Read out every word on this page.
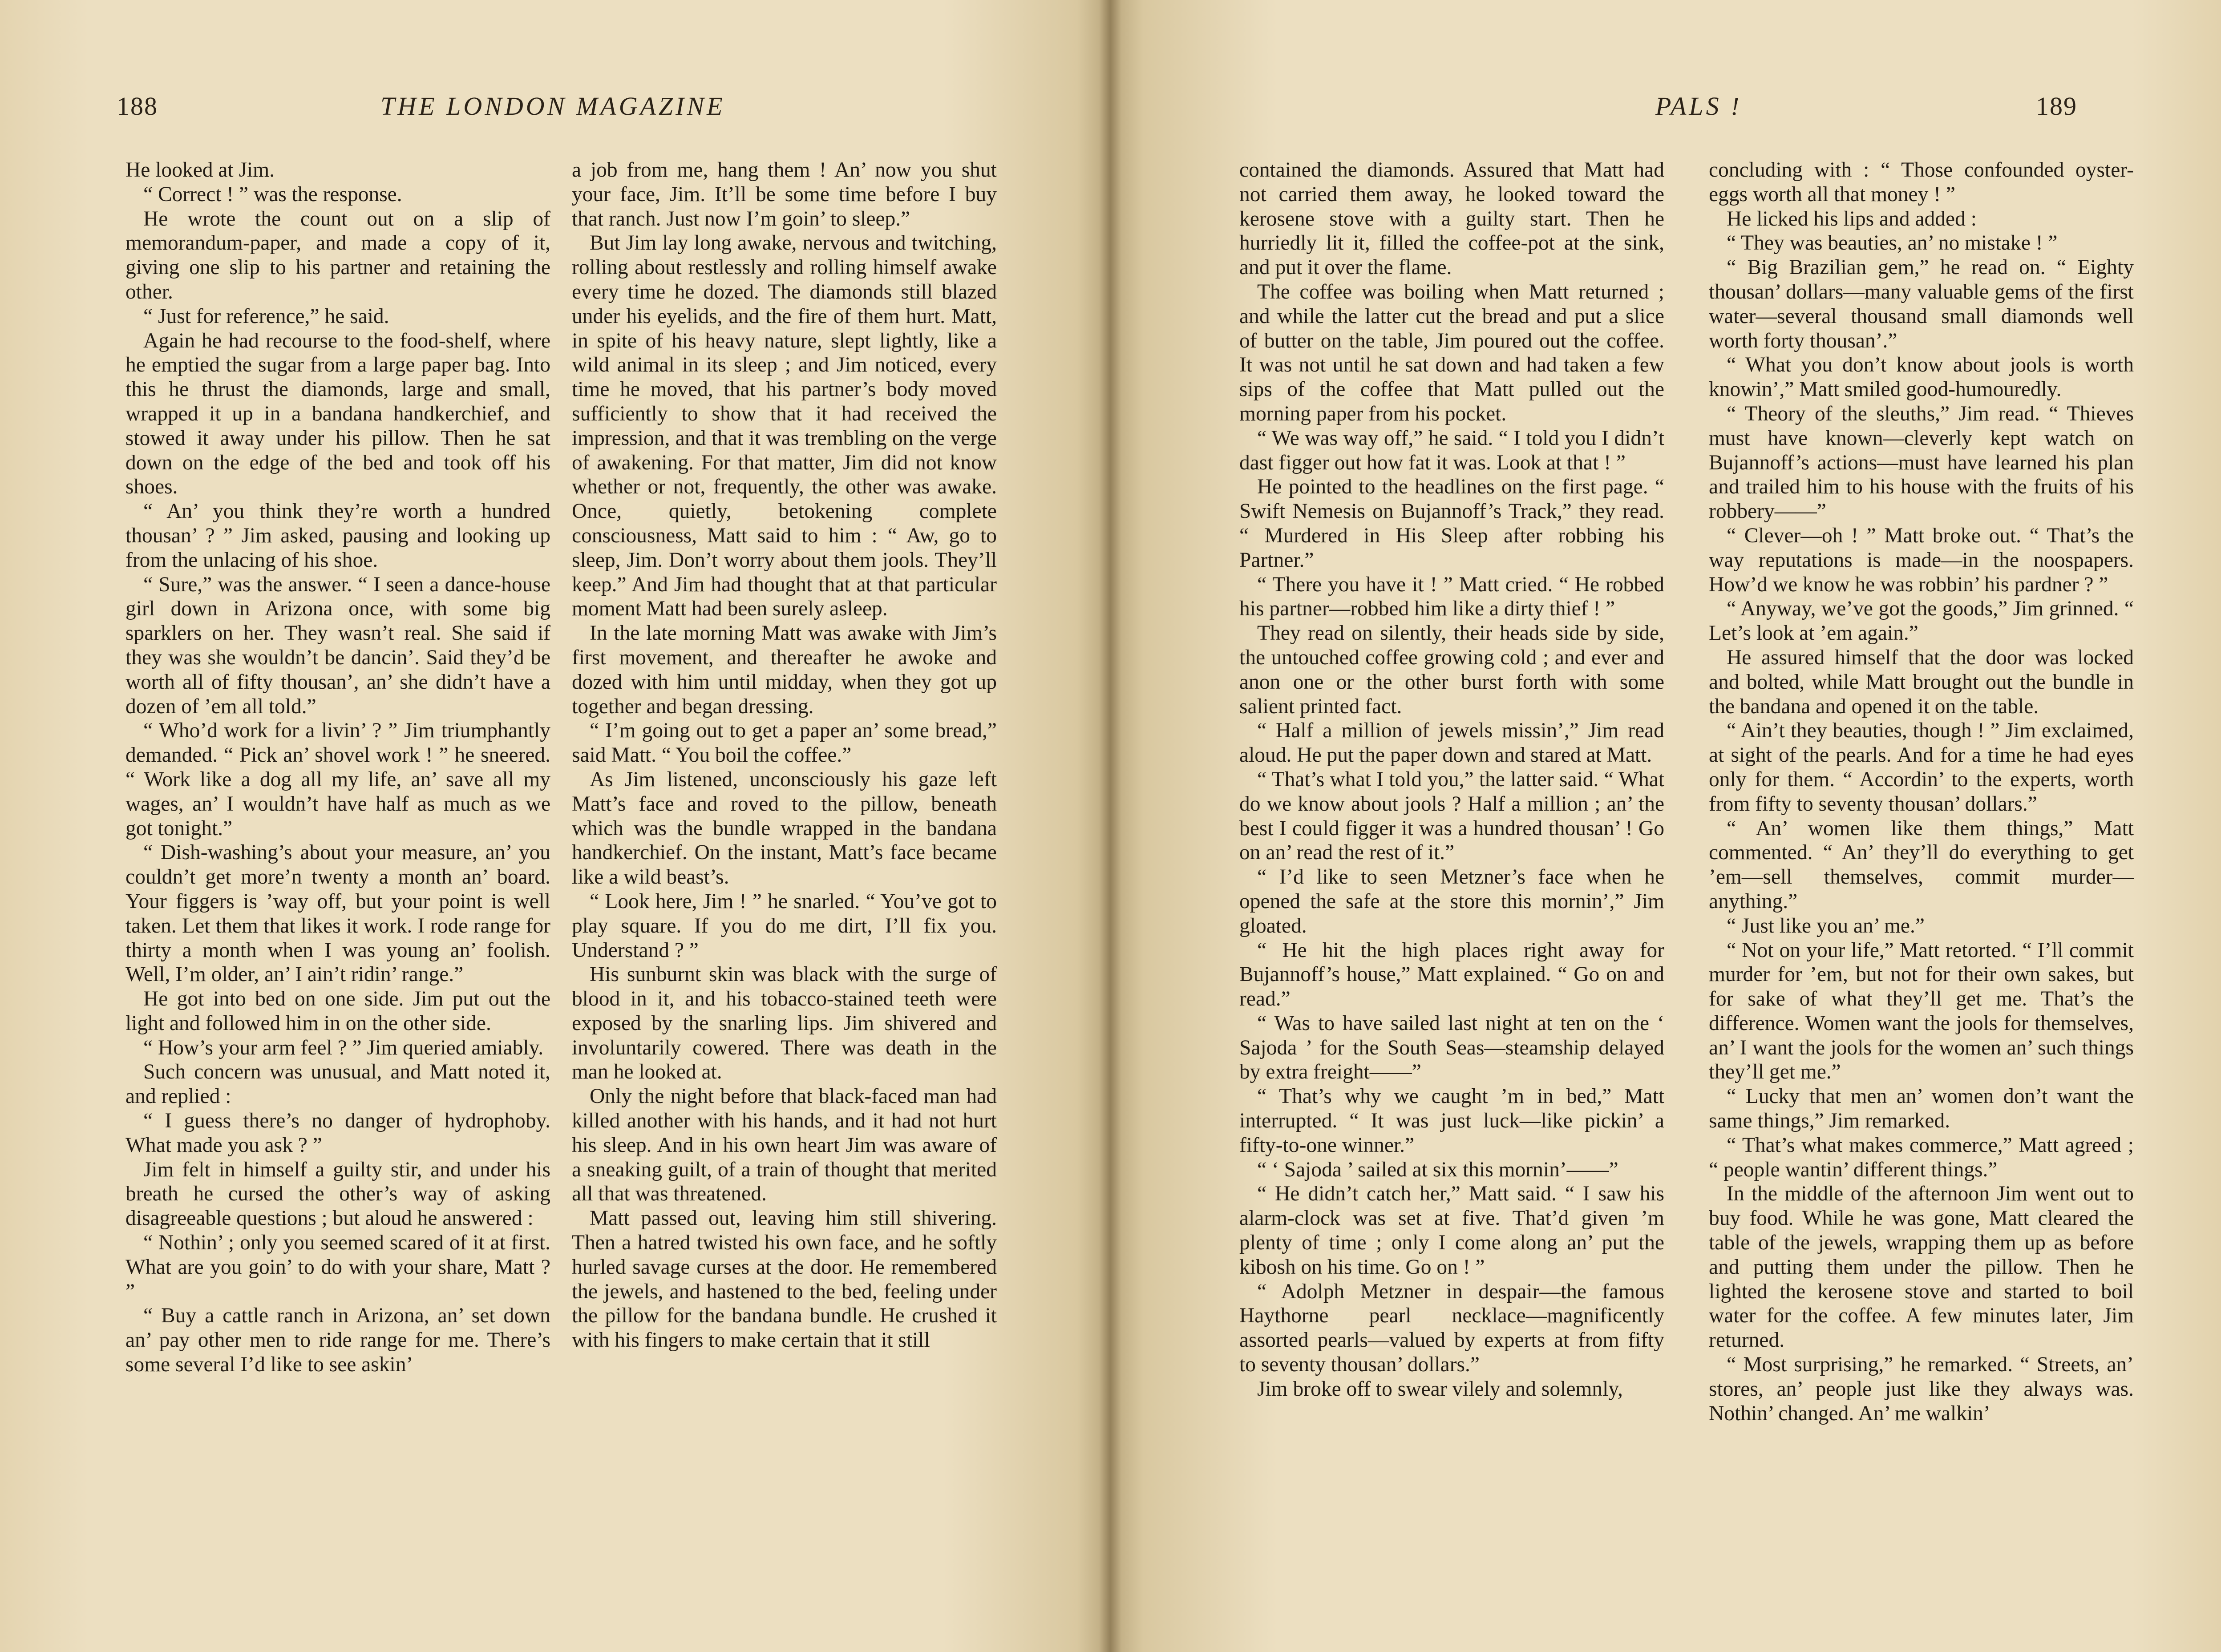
188	THE LONDON MAGAZINE

He looked at Jim.

“ Correct ! ” was the response.

He wrote the count out on a slip of memorandum-paper, and made a copy of it, giving one slip to his partner and retaining the other.

“ Just for reference,” he said.

Again he had recourse to the food-shelf, where he emptied the sugar from a large paper bag. Into this he thrust the diamonds, large and small, wrapped it up in a bandana handkerchief, and stowed it away under his pillow. Then he sat down on the edge of the bed and took off his shoes.

“ An’ you think they’re worth a hundred thousan’ ? ” Jim asked, pausing and looking up from the unlacing of his shoe.

“ Sure,” was the answer. “ I seen a dance-house girl down in Arizona once, with some big sparklers on her. They wasn’t real. She said if they was she wouldn’t be dancin’. Said they’d be worth all of fifty thousan’, an’ she didn’t have a dozen of ’em all told.”

“ Who’d work for a livin’ ? ” Jim triumphantly demanded. “ Pick an’ shovel work ! ” he sneered. “ Work like a dog all my life, an’ save all my wages, an’ I wouldn’t have half as much as we got tonight.”

“ Dish-washing’s about your measure, an’ you couldn’t get more’n twenty a month an’ board. Your figgers is ’way off, but your point is well taken. Let them that likes it work. I rode range for thirty a month when I was young an’ foolish. Well, I’m older, an’ I ain’t ridin’ range.”

He got into bed on one side. Jim put out the light and followed him in on the other side.

“ How’s your arm feel ? ” Jim queried amiably.

Such concern was unusual, and Matt noted it, and replied :

“ I guess there’s no danger of hydrophoby. What made you ask ? ”

Jim felt in himself a guilty stir, and under his breath he cursed the other’s way of asking disagreeable questions ; but aloud he answered :

“ Nothin’ ; only you seemed scared of it at first. What are you goin’ to do with your share, Matt ? ”

“ Buy a cattle ranch in Arizona, an’ set down an’ pay other men to ride range for me. There’s some several I’d like to see askin’

a job from me, hang them ! An’ now you shut your face, Jim. It’ll be some time before I buy that ranch. Just now I’m goin’ to sleep.”

But Jim lay long awake, nervous and twitching, rolling about restlessly and rolling himself awake every time he dozed. The diamonds still blazed under his eyelids, and the fire of them hurt. Matt, in spite of his heavy nature, slept lightly, like a wild animal in its sleep ; and Jim noticed, every time he moved, that his partner’s body moved sufficiently to show that it had received the impression, and that it was trembling on the verge of awakening. For that matter, Jim did not know whether or not, frequently, the other was awake. Once, quietly, betokening complete consciousness, Matt said to him : “ Aw, go to sleep, Jim. Don’t worry about them jools. They’ll keep.” And Jim had thought that at that particular moment Matt had been surely asleep.

In the late morning Matt was awake with Jim’s first movement, and thereafter he awoke and dozed with him until midday, when they got up together and began dressing.

“ I’m going out to get a paper an’ some bread,” said Matt. “ You boil the coffee.”

As Jim listened, unconsciously his gaze left Matt’s face and roved to the pillow, beneath which was the bundle wrapped in the bandana handkerchief. On the instant, Matt’s face became like a wild beast’s.

“ Look here, Jim ! ” he snarled. “ You’ve got to play square. If you do me dirt, I’ll fix you. Understand ? ”

His sunburnt skin was black with the surge of blood in it, and his tobacco-stained teeth were exposed by the snarling lips. Jim shivered and involuntarily cowered. There was death in the man he looked at.

Only the night before that black-faced man had killed another with his hands, and it had not hurt his sleep. And in his own heart Jim was aware of a sneaking guilt, of a train of thought that merited all that was threatened.

Matt passed out, leaving him still shivering. Then a hatred twisted his own face, and he softly hurled savage curses at the door. He remembered the jewels, and hastened to the bed, feeling under the pillow for the bandana bundle. He crushed it with his fingers to make certain that it still

PALS !	189

contained the diamonds. Assured that Matt had not carried them away, he looked toward the kerosene stove with a guilty start. Then he hurriedly lit it, filled the coffee-pot at the sink, and put it over the flame.

The coffee was boiling when Matt returned ; and while the latter cut the bread and put a slice of butter on the table, Jim poured out the coffee. It was not until he sat down and had taken a few sips of the coffee that Matt pulled out the morning paper from his pocket.

“ We was way off,” he said. “ I told you I didn’t dast figger out how fat it was. Look at that ! ”

He pointed to the headlines on the first page. “ Swift Nemesis on Bujannoff’s Track,” they read. “ Murdered in His Sleep after robbing his Partner.”

“ There you have it ! ” Matt cried. “ He robbed his partner—robbed him like a dirty thief ! ”

They read on silently, their heads side by side, the untouched coffee growing cold ; and ever and anon one or the other burst forth with some salient printed fact.

“ Half a million of jewels missin’,” Jim read aloud. He put the paper down and stared at Matt.

“ That’s what I told you,” the latter said. “ What do we know about jools ? Half a million ; an’ the best I could figger it was a hundred thousan’ ! Go on an’ read the rest of it.”

“ I’d like to seen Metzner’s face when he opened the safe at the store this mornin’,” Jim gloated.

“ He hit the high places right away for Bujannoff’s house,” Matt explained. “ Go on and read.”

“ Was to have sailed last night at ten on the ‘ Sajoda ’ for the South Seas—steamship delayed by extra freight——”

“ That’s why we caught ’m in bed,” Matt interrupted. “ It was just luck—like pickin’ a fifty-to-one winner.”

“ ‘ Sajoda ’ sailed at six this mornin’——”

“ He didn’t catch her,” Matt said. “ I saw his alarm-clock was set at five. That’d given ’m plenty of time ; only I come along an’ put the kibosh on his time. Go on ! ”

“ Adolph Metzner in despair—the famous Haythorne pearl necklace—magnificently assorted pearls—valued by experts at from fifty to seventy thousan’ dollars.”

Jim broke off to swear vilely and solemnly,

concluding with : “ Those confounded oyster-eggs worth all that money ! ”

He licked his lips and added :

“ They was beauties, an’ no mistake ! ”

“ Big Brazilian gem,” he read on. “ Eighty thousan’ dollars—many valuable gems of the first water—several thousand small diamonds well worth forty thousan’.”

“ What you don’t know about jools is worth knowin’,” Matt smiled good-humouredly.

“ Theory of the sleuths,” Jim read. “ Thieves must have known—cleverly kept watch on Bujannoff’s actions—must have learned his plan and trailed him to his house with the fruits of his robbery——”

“ Clever—oh ! ” Matt broke out. “ That’s the way reputations is made—in the noospapers. How’d we know he was robbin’ his pardner ? ”

“ Anyway, we’ve got the goods,” Jim grinned. “ Let’s look at ’em again.”

He assured himself that the door was locked and bolted, while Matt brought out the bundle in the bandana and opened it on the table.

“ Ain’t they beauties, though ! ” Jim exclaimed, at sight of the pearls. And for a time he had eyes only for them. “ Accordin’ to the experts, worth from fifty to seventy thousan’ dollars.”

“ An’ women like them things,” Matt commented. “ An’ they’ll do everything to get ’em—sell themselves, commit murder—anything.”

“ Just like you an’ me.”

“ Not on your life,” Matt retorted. “ I’ll commit murder for ’em, but not for their own sakes, but for sake of what they’ll get me. That’s the difference. Women want the jools for themselves, an’ I want the jools for the women an’ such things they’ll get me.”

“ Lucky that men an’ women don’t want the same things,” Jim remarked.

“ That’s what makes commerce,” Matt agreed ; “ people wantin’ different things.”

In the middle of the afternoon Jim went out to buy food. While he was gone, Matt cleared the table of the jewels, wrapping them up as before and putting them under the pillow. Then he lighted the kerosene stove and started to boil water for the coffee. A few minutes later, Jim returned.

“ Most surprising,” he remarked. “ Streets, an’ stores, an’ people just like they always was. Nothin’ changed. An’ me walkin’
